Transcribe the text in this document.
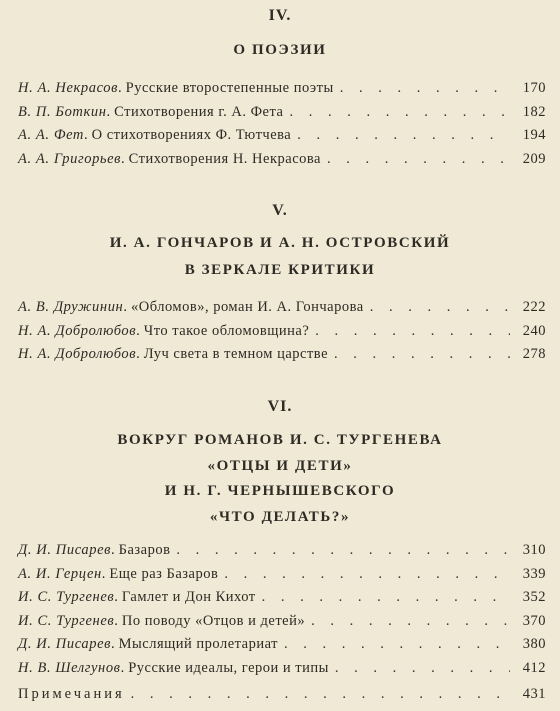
IV.
О ПОЭЗИИ
Н. А. Некрасов . Русские второстепенные поэты . . .	170
В. П. Боткин . Стихотворения г. А. Фета . . .	182
А. А. Фет . О стихотворениях Ф. Тютчева . . .	194
А. А. Григорьев . Стихотворения Н. Некрасова . . .	209
V.
И. А. ГОНЧАРОВ И А. Н. ОСТРОВСКИЙ
В ЗЕРКАЛЕ КРИТИКИ
А. В. Дружинин . «Обломов», роман И. А. Гончарова . . .	222
Н. А. Добролюбов . Что такое обломовщина? . . .	240
Н. А. Добролюбов . Луч света в темном царстве . . .	278
VI.
ВОКРУГ РОМАНОВ И. С. ТУРГЕНЕВА
«ОТЦЫ И ДЕТИ»
И Н. Г. ЧЕРНЫШЕВСКОГО
«ЧТО ДЕЛАТЬ?»
Д. И. Писарев . Базаров . . .	310
А. И. Герцен . Еще раз Базаров . . .	339
И. С. Тургенев . Гамлет и Дон Кихот . . .	352
И. С. Тургенев . По поводу «Отцов и детей» . . .	370
Д. И. Писарев . Мыслящий пролетариат . . .	380
Н. В. Шелгунов . Русские идеалы, герои и типы . . .	412
Примечания . . .	431
